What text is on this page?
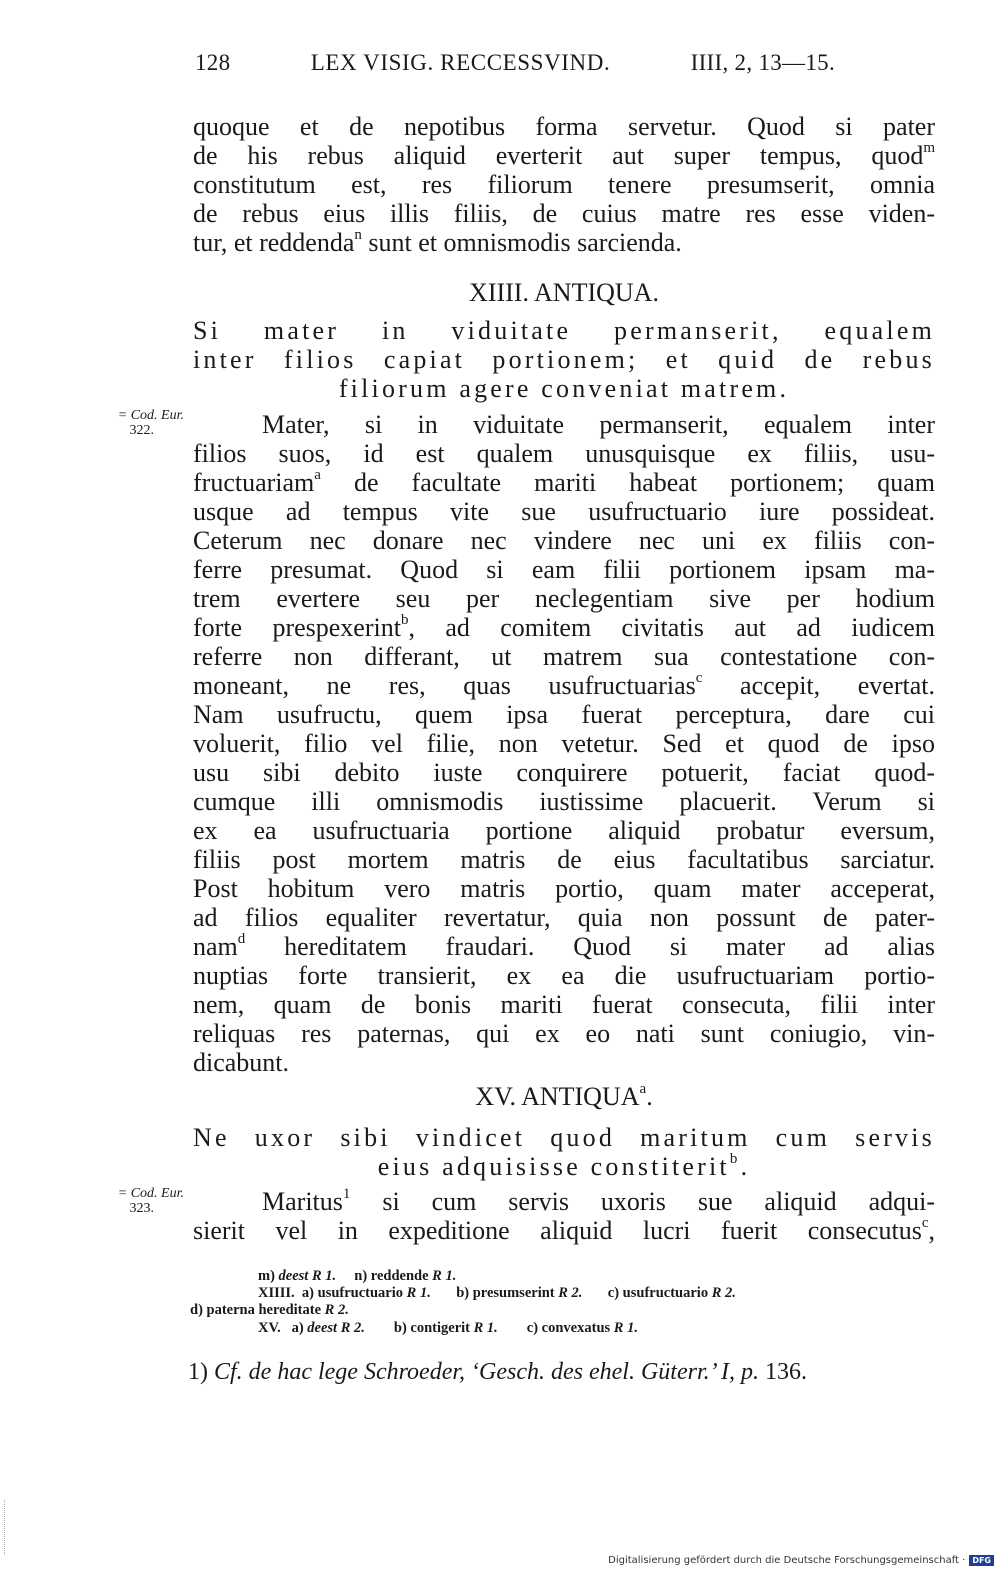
128	LEX VISIG. RECCESSVIND.	IIII, 2, 13—15.
quoque et de nepotibus forma servetur. Quod si pater
de his rebus aliquid everterit aut super tempus, quod$^m$
constitutum est, res filiorum tenere presumserit, omnia
de rebus eius illis filiis, de cuius matre res esse viden-
tur, et reddenda$^n$ sunt et omnismodis sarcienda.
XIIII. ANTIQUA.
Si mater in viduitate permanserit, equalem
inter filios capiat portionem; et quid de rebus
filiorum agere conveniat matrem.
= Cod. Eur.
322.	Mater, si in viduitate permanserit, equalem inter
filios suos, id est qualem unusquisque ex filiis, usu-
fructuariam$^a$ de facultate mariti habeat portionem; quam
usque ad tempus vite sue usufructuario iure possideat.
Ceterum nec donare nec vindere nec uni ex filiis con-
ferre presumat. Quod si eam filii portionem ipsam ma-
trem evertere seu per neclegentiam sive per hodium
forte prespexerint$^b$, ad comitem civitatis aut ad iudicem
referre non differant, ut matrem sua contestatione con-
moneant, ne res, quas usufructuarias$^c$ accepit, evertat.
Nam usufructu, quem ipsa fuerat perceptura, dare cui
voluerit, filio vel filie, non vetetur. Sed et quod de ipso
usu sibi debito iuste conquirere potuerit, faciat quod-
cumque illi omnismodis iustissime placuerit. Verum si
ex ea usufructuaria portione aliquid probatur eversum,
filiis post mortem matris de eius facultatibus sarciatur.
Post hobitum vero matris portio, quam mater acceperat,
ad filios equaliter revertatur, quia non possunt de pater-
nam$^d$ hereditatem fraudari. Quod si mater ad alias
nuptias forte transierit, ex ea die usufructuariam portio-
nem, quam de bonis mariti fuerat consecuta, filii inter
reliquas res paternas, qui ex eo nati sunt coniugio, vin-
dicabunt.
XV. ANTIQUA$^a$.
Ne uxor sibi vindicet quod maritum cum servis
eius adquisisse constiterit$^b$.
= Cod. Eur.
323.	Maritus$^1$ si cum servis uxoris sue aliquid adqui-
sierit vel in expeditione aliquid lucri fuerit consecutus$^c$,
m) deest R 1. n) reddende R 1.
XIIII. a) usufructuario R 1. b) presumserint R 2. c) usufructuario R 2.
d) paterna hereditate R 2.
XV. a) deest R 2. b) contigerit R 1. c) convexatus R 1.
1) Cf. de hac lege Schroeder, ‘Gesch. des ehel. Güterr.’ I, p. 136.
Digitalisierung gefördert durch die Deutsche Forschungsgemeinschaft · DFG
